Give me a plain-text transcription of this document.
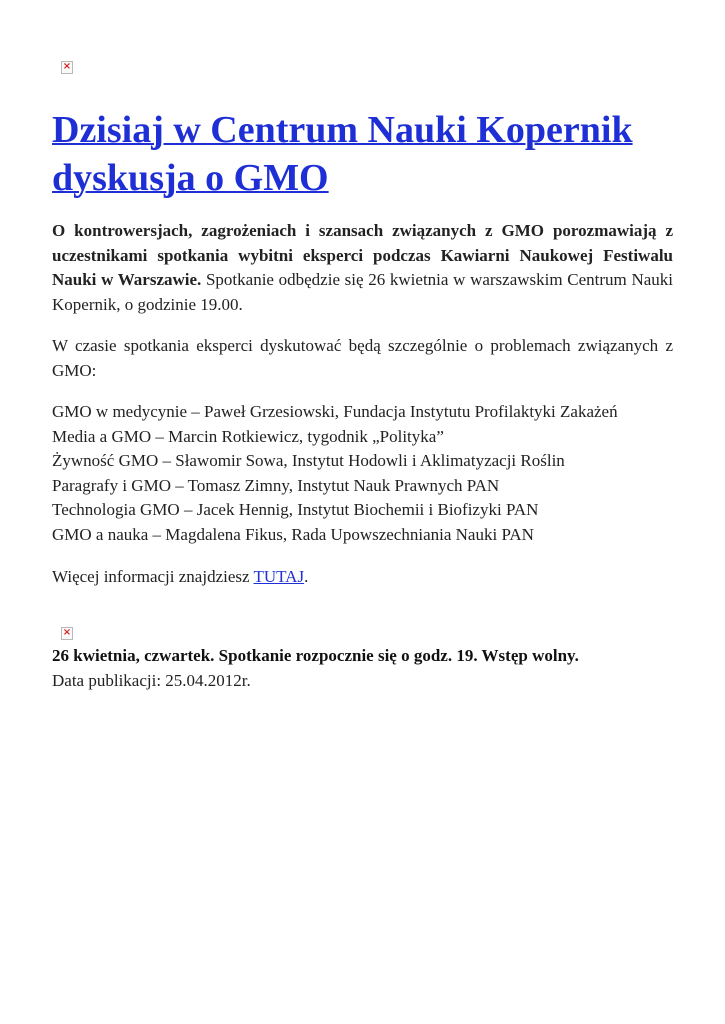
×
Dzisiaj w Centrum Nauki Kopernik dyskusja o GMO

O kontrowersjach, zagrożeniach i szansach związanych z GMO porozmawiają z uczestnikami spotkania wybitni eksperci podczas Kawiarni Naukowej Festiwalu Nauki w Warszawie. Spotkanie odbędzie się 26 kwietnia w warszawskim Centrum Nauki Kopernik, o godzinie 19.00.

W czasie spotkania eksperci dyskutować będą szczególnie o problemach związanych z GMO:

GMO w medycynie – Paweł Grzesiowski, Fundacja Instytutu Profilaktyki Zakażeń
Media a GMO – Marcin Rotkiewicz, tygodnik „Polityka”
Żywność GMO – Sławomir Sowa, Instytut Hodowli i Aklimatyzacji Roślin
Paragrafy i GMO – Tomasz Zimny, Instytut Nauk Prawnych PAN
Technologia GMO – Jacek Hennig, Instytut Biochemii i Biofizyki PAN
GMO a nauka – Magdalena Fikus, Rada Upowszechniania Nauki PAN

Więcej informacji znajdziesz TUTAJ.

×

26 kwietnia, czwartek. Spotkanie rozpocznie się o godz. 19. Wstęp wolny.
Data publikacji: 25.04.2012r.
